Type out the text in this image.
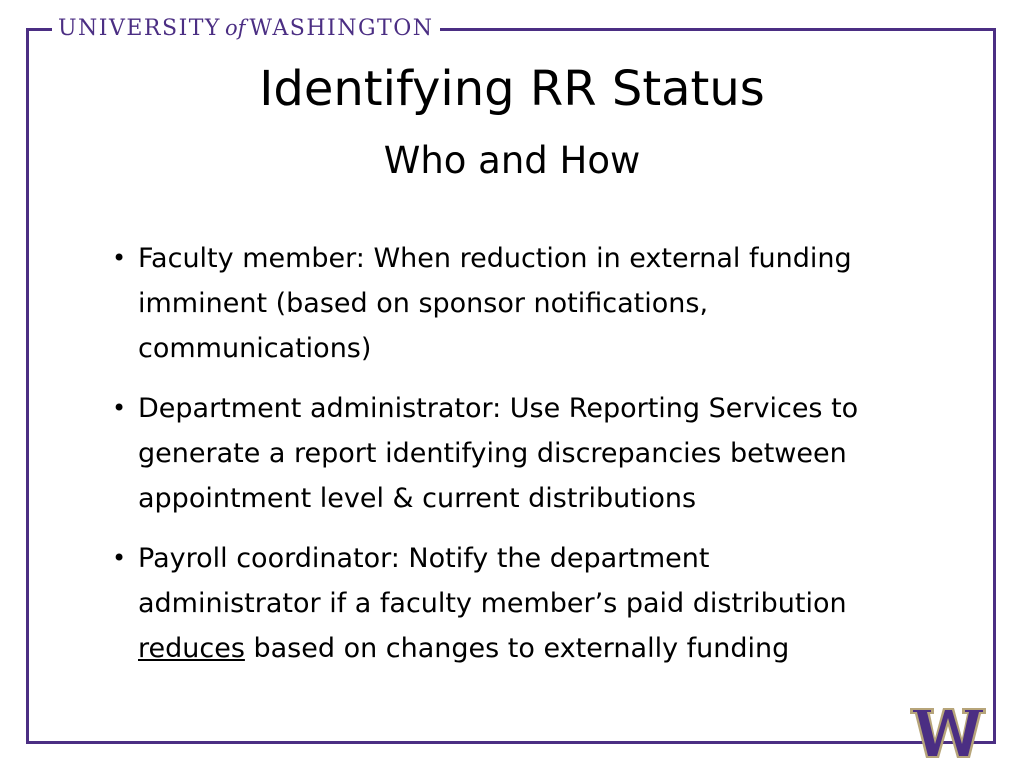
UNIVERSITY of WASHINGTON
Identifying RR Status
Who and How
• Faculty member: When reduction in external funding
imminent (based on sponsor notifications,
communications)
• Department administrator: Use Reporting Services to
generate a report identifying discrepancies between
appointment level & current distributions
• Payroll coordinator: Notify the department
administrator if a faculty member’s paid distribution
reduces based on changes to externally funding
